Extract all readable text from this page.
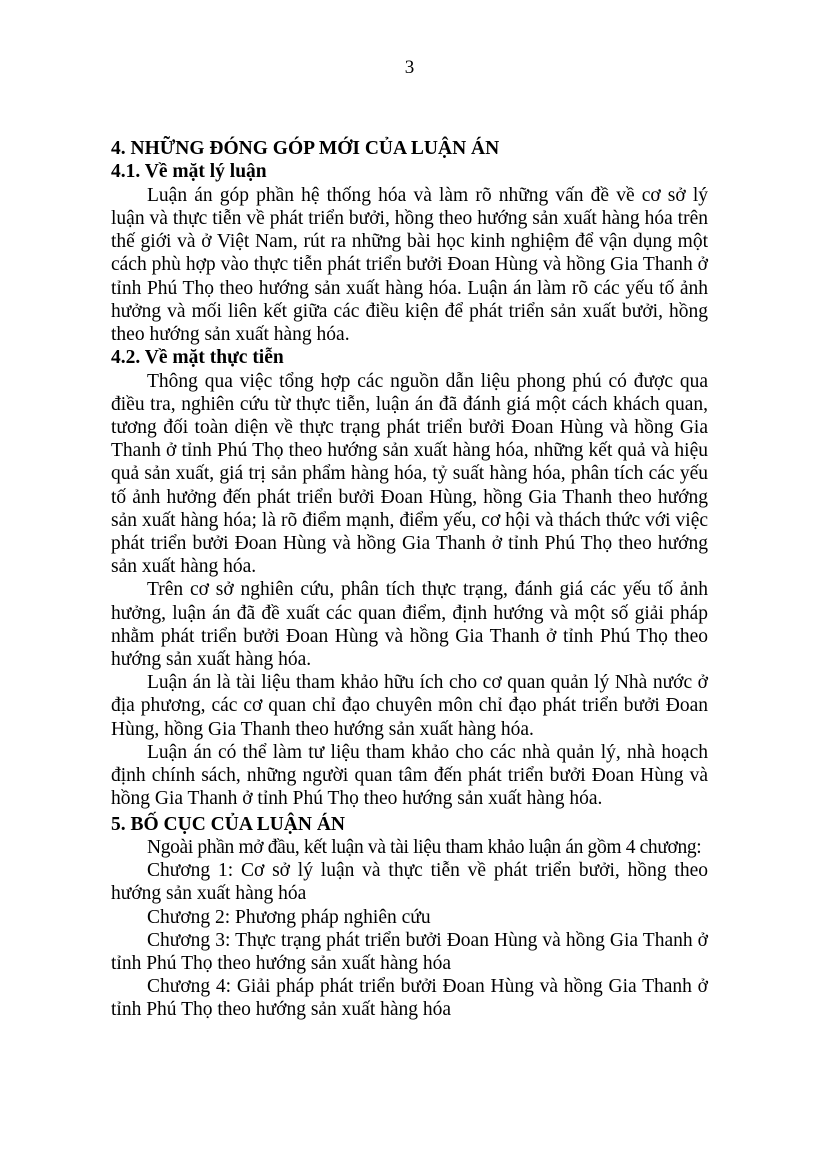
3
4. NHỮNG ĐÓNG GÓP MỚI CỦA LUẬN ÁN
4.1. Về mặt lý luận

Luận án góp phần hệ thống hóa và làm rõ những vấn đề về cơ sở lý luận và thực tiễn về phát triển bưởi, hồng theo hướng sản xuất hàng hóa trên thế giới và ở Việt Nam, rút ra những bài học kinh nghiệm để vận dụng một cách phù hợp vào thực tiễn phát triển bưởi Đoan Hùng và hồng Gia Thanh ở tỉnh Phú Thọ theo hướng sản xuất hàng hóa. Luận án làm rõ các yếu tố ảnh hưởng và mối liên kết giữa các điều kiện để phát triển sản xuất bưởi, hồng theo hướng sản xuất hàng hóa.

4.2. Về mặt thực tiễn

Thông qua việc tổng hợp các nguồn dẫn liệu phong phú có được qua điều tra, nghiên cứu từ thực tiễn, luận án đã đánh giá một cách khách quan, tương đối toàn diện về thực trạng phát triển bưởi Đoan Hùng và hồng Gia Thanh ở tỉnh Phú Thọ theo hướng sản xuất hàng hóa, những kết quả và hiệu quả sản xuất, giá trị sản phẩm hàng hóa, tỷ suất hàng hóa, phân tích các yếu tố ảnh hưởng đến phát triển bưởi Đoan Hùng, hồng Gia Thanh theo hướng sản xuất hàng hóa; là rõ điểm mạnh, điểm yếu, cơ hội và thách thức với việc phát triển bưởi Đoan Hùng và hồng Gia Thanh ở tỉnh Phú Thọ theo hướng sản xuất hàng hóa.

Trên cơ sở nghiên cứu, phân tích thực trạng, đánh giá các yếu tố ảnh hưởng, luận án đã đề xuất các quan điểm, định hướng và một số giải pháp nhằm phát triển bưởi Đoan Hùng và hồng Gia Thanh ở tỉnh Phú Thọ theo hướng sản xuất hàng hóa.

Luận án là tài liệu tham khảo hữu ích cho cơ quan quản lý Nhà nước ở địa phương, các cơ quan chỉ đạo chuyên môn chỉ đạo phát triển bưởi Đoan Hùng, hồng Gia Thanh theo hướng sản xuất hàng hóa.

Luận án có thể làm tư liệu tham khảo cho các nhà quản lý, nhà hoạch định chính sách, những người quan tâm đến phát triển bưởi Đoan Hùng và hồng Gia Thanh ở tỉnh Phú Thọ theo hướng sản xuất hàng hóa.

5. BỐ CỤC CỦA LUẬN ÁN

Ngoài phần mở đầu, kết luận và tài liệu tham khảo luận án gồm 4 chương:

Chương 1: Cơ sở lý luận và thực tiễn về phát triển bưởi, hồng theo hướng sản xuất hàng hóa

Chương 2: Phương pháp nghiên cứu

Chương 3: Thực trạng phát triển bưởi Đoan Hùng và hồng Gia Thanh ở tỉnh Phú Thọ theo hướng sản xuất hàng hóa

Chương 4: Giải pháp phát triển bưởi Đoan Hùng và hồng Gia Thanh ở tỉnh Phú Thọ theo hướng sản xuất hàng hóa
